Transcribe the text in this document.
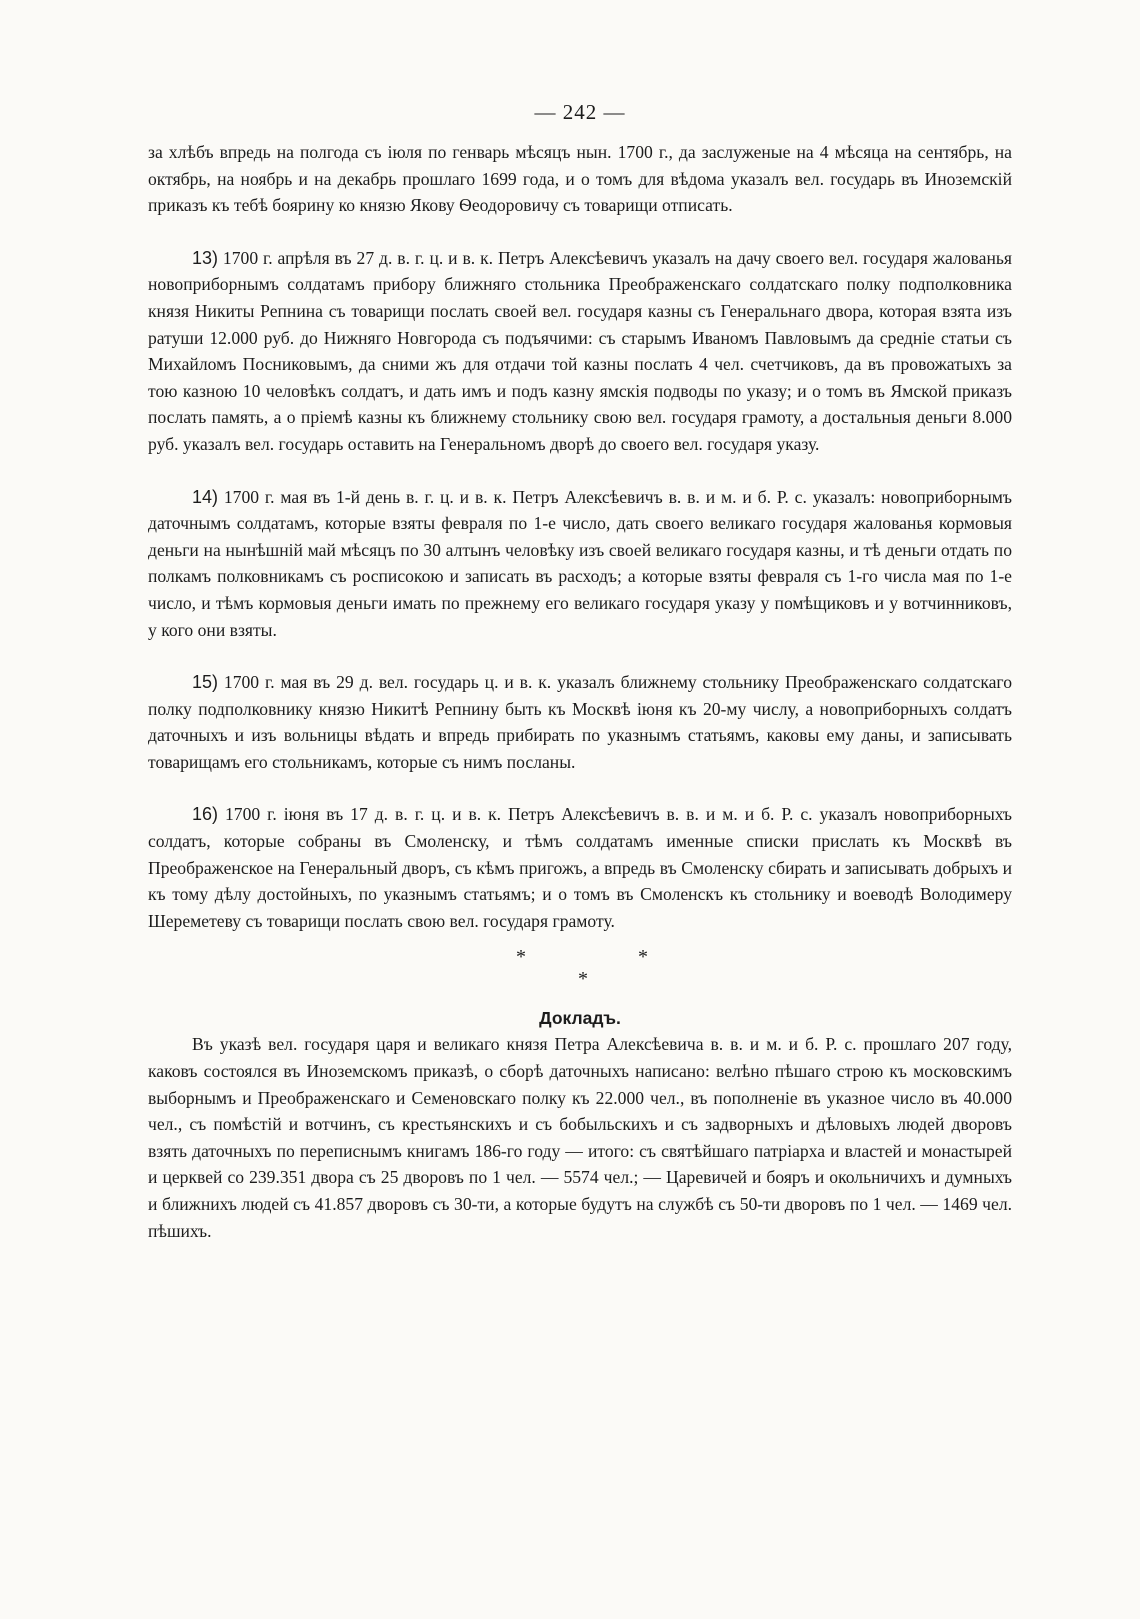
— 242 —

за хлѣбъ впредь на полгода съ іюля по генварь мѣсяцъ нын. 1700 г., да заслуженые на 4 мѣсяца на сентябрь, на октябрь, на ноябрь и на декабрь прошлаго 1699 года, и о томъ для вѣдома указалъ вел. государь въ Иноземскій приказъ къ тебѣ боярину ко князю Якову Ѳеодоровичу съ товарищи отписать.

13) 1700 г. апрѣля въ 27 д. в. г. ц. и в. к. Петръ Алексѣевичъ указалъ на дачу своего вел. государя жалованья новоприборнымъ солдатамъ прибору ближняго стольника Преображенскаго солдатскаго полку подполковника князя Никиты Репнина съ товарищи послать своей вел. государя казны съ Генеральнаго двора, которая взята изъ ратуши 12.000 руб. до Нижняго Новгорода съ подъячими: съ старымъ Иваномъ Павловымъ да средніе статьи съ Михайломъ Посниковымъ, да сними жъ для отдачи той казны послать 4 чел. счетчиковъ, да въ провожатыхъ за тою казною 10 человѣкъ солдатъ, и дать имъ и подъ казну ямскія подводы по указу; и о томъ въ Ямской приказъ послать память, а о пріемѣ казны къ ближнему стольнику свою вел. государя грамоту, а достальныя деньги 8.000 руб. указалъ вел. государь оставить на Генеральномъ дворѣ до своего вел. государя указу.

14) 1700 г. мая въ 1-й день в. г. ц. и в. к. Петръ Алексѣевичъ в. в. и м. и б. Р. с. указалъ: новоприборнымъ даточнымъ солдатамъ, которые взяты февраля по 1-е число, дать своего великаго государя жалованья кормовыя деньги на нынѣшній май мѣсяцъ по 30 алтынъ человѣку изъ своей великаго государя казны, и тѣ деньги отдать по полкамъ полковникамъ съ росписокою и записать въ расходъ; а которые взяты февраля съ 1-го числа мая по 1-е число, и тѣмъ кормовыя деньги имать по прежнему его великаго государя указу у помѣщиковъ и у вотчинниковъ, у кого они взяты.

15) 1700 г. мая въ 29 д. вел. государь ц. и в. к. указалъ ближнему стольнику Преображенскаго солдатскаго полку подполковнику князю Никитѣ Репнину быть къ Москвѣ іюня къ 20-му числу, а новоприборныхъ солдатъ даточныхъ и изъ вольницы вѣдать и впредь прибирать по указнымъ статьямъ, каковы ему даны, и записывать товарищамъ его стольникамъ, которые съ нимъ посланы.

16) 1700 г. іюня въ 17 д. в. г. ц. и в. к. Петръ Алексѣевичъ в. в. и м. и б. Р. с. указалъ новоприборныхъ солдатъ, которые собраны въ Смоленску, и тѣмъ солдатамъ именные списки прислать къ Москвѣ въ Преображенское на Генеральный дворъ, съ кѣмъ пригожъ, а впредь въ Смоленску сбирать и записывать добрыхъ и къ тому дѣлу достойныхъ, по указнымъ статьямъ; и о томъ въ Смоленскъ къ стольнику и воеводѣ Володимеру Шереметеву съ товарищи послать свою вел. государя грамоту.

*	*
*
Докладъ.

Въ указѣ вел. государя царя и великаго князя Петра Алексѣевича в. в. и м. и б. Р. с. прошлаго 207 году, каковъ состоялся въ Иноземскомъ приказѣ, о сборѣ даточныхъ написано: велѣно пѣшаго строю къ московскимъ выборнымъ и Преображенскаго и Семеновскаго полку къ 22.000 чел., въ пополненіе въ указное число въ 40.000 чел., съ помѣстій и вотчинъ, съ крестьянскихъ и съ бобыльскихъ и съ задворныхъ и дѣловыхъ людей дворовъ взять даточныхъ по переписнымъ книгамъ 186-го году — итого: съ святѣйшаго патріарха и властей и монастырей и церквей со 239.351 двора съ 25 дворовъ по 1 чел. — 5574 чел.; — Царевичей и бояръ и окольничихъ и думныхъ и ближнихъ людей съ 41.857 дворовъ съ 30-ти, а которые будутъ на службѣ съ 50-ти дворовъ по 1 чел. — 1469 чел. пѣшихъ.
